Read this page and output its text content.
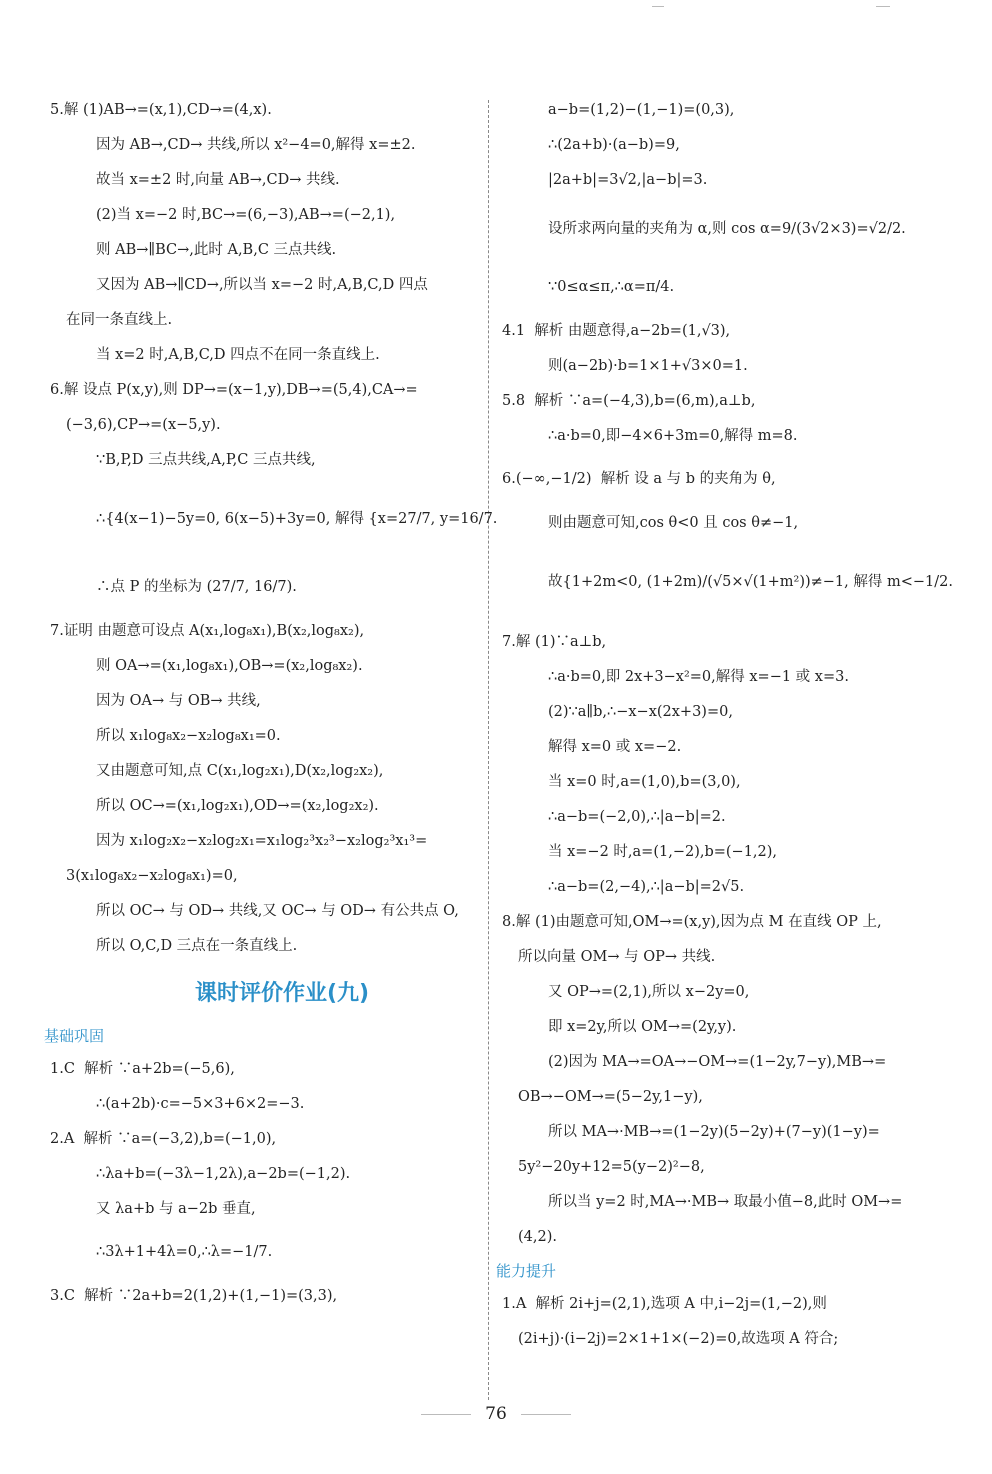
5.解 (1)AB→=(x,1),CD→=(4,x).
因为 AB→,CD→ 共线,所以 x²−4=0,解得 x=±2.
故当 x=±2 时,向量 AB→,CD→ 共线.
(2)当 x=−2 时,BC→=(6,−3),AB→=(−2,1),
则 AB→∥BC→,此时 A,B,C 三点共线.
又因为 AB→∥CD→,所以当 x=−2 时,A,B,C,D 四点
在同一条直线上.
当 x=2 时,A,B,C,D 四点不在同一条直线上.
6.解 设点 P(x,y),则 DP→=(x−1,y),DB→=(5,4),CA→=
(−3,6),CP→=(x−5,y).
∵B,P,D 三点共线,A,P,C 三点共线,
∴{4(x−1)−5y=0, 6(x−5)+3y=0, 解得 {x=27/7, y=16/7.
∴点 P 的坐标为 (27/7, 16/7).
7.证明 由题意可设点 A(x₁,log₈x₁),B(x₂,log₈x₂),
则 OA→=(x₁,log₈x₁),OB→=(x₂,log₈x₂).
因为 OA→ 与 OB→ 共线,
所以 x₁log₈x₂−x₂log₈x₁=0.
又由题意可知,点 C(x₁,log₂x₁),D(x₂,log₂x₂),
所以 OC→=(x₁,log₂x₁),OD→=(x₂,log₂x₂).
因为 x₁log₂x₂−x₂log₂x₁=x₁log₂³x₂³−x₂log₂³x₁³=
3(x₁log₈x₂−x₂log₈x₁)=0,
所以 OC→ 与 OD→ 共线,又 OC→ 与 OD→ 有公共点 O,
所以 O,C,D 三点在一条直线上.
课时评价作业(九)
基础巩固
1.C  解析 ∵a+2b=(−5,6),
∴(a+2b)·c=−5×3+6×2=−3.
2.A  解析 ∵a=(−3,2),b=(−1,0),
∴λa+b=(−3λ−1,2λ),a−2b=(−1,2).
又 λa+b 与 a−2b 垂直,
∴3λ+1+4λ=0,∴λ=−1/7.
3.C  解析 ∵2a+b=2(1,2)+(1,−1)=(3,3),
a−b=(1,2)−(1,−1)=(0,3),
∴(2a+b)·(a−b)=9,
|2a+b|=3√2,|a−b|=3.
设所求两向量的夹角为 α,则 cos α=9/(3√2×3)=√2/2.
∵0≤α≤π,∴α=π/4.
4.1  解析 由题意得,a−2b=(1,√3),
则(a−2b)·b=1×1+√3×0=1.
5.8  解析 ∵a=(−4,3),b=(6,m),a⊥b,
∴a·b=0,即−4×6+3m=0,解得 m=8.
6.(−∞,−1/2)  解析 设 a 与 b 的夹角为 θ,
则由题意可知,cos θ<0 且 cos θ≠−1,
故{1+2m<0, (1+2m)/(√5×√(1+m²))≠−1, 解得 m<−1/2.
7.解 (1)∵a⊥b,
∴a·b=0,即 2x+3−x²=0,解得 x=−1 或 x=3.
(2)∵a∥b,∴−x−x(2x+3)=0,
解得 x=0 或 x=−2.
当 x=0 时,a=(1,0),b=(3,0),
∴a−b=(−2,0),∴|a−b|=2.
当 x=−2 时,a=(1,−2),b=(−1,2),
∴a−b=(2,−4),∴|a−b|=2√5.
8.解 (1)由题意可知,OM→=(x,y),因为点 M 在直线 OP 上,
所以向量 OM→ 与 OP→ 共线.
又 OP→=(2,1),所以 x−2y=0,
即 x=2y,所以 OM→=(2y,y).
(2)因为 MA→=OA→−OM→=(1−2y,7−y),MB→=
OB→−OM→=(5−2y,1−y),
所以 MA→·MB→=(1−2y)(5−2y)+(7−y)(1−y)=
5y²−20y+12=5(y−2)²−8,
所以当 y=2 时,MA→·MB→ 取最小值−8,此时 OM→=
(4,2).
能力提升
1.A  解析 2i+j=(2,1),选项 A 中,i−2j=(1,−2),则
(2i+j)·(i−2j)=2×1+1×(−2)=0,故选项 A 符合;
76
